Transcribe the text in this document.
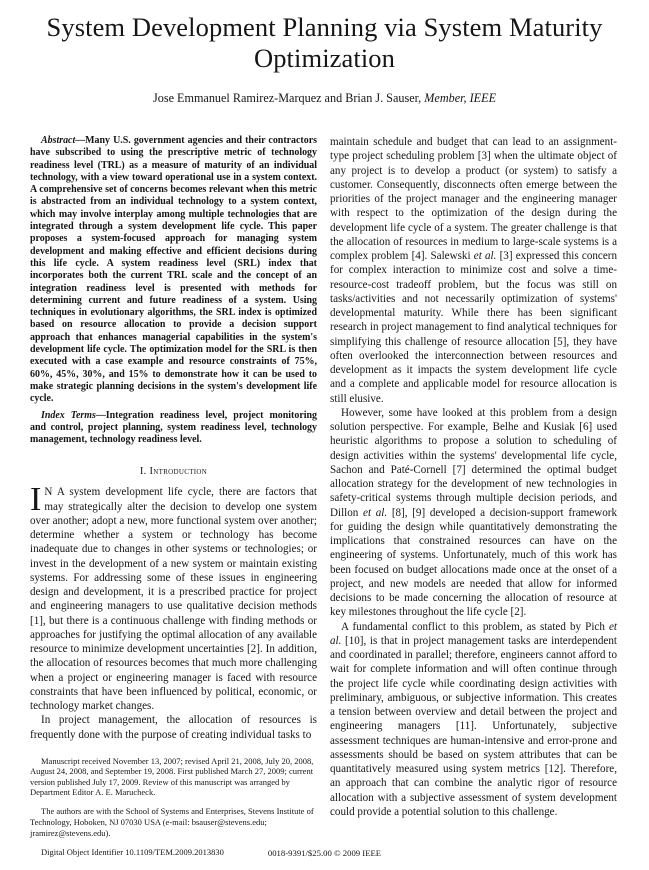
System Development Planning via System Maturity Optimization
Jose Emmanuel Ramirez-Marquez and Brian J. Sauser, Member, IEEE

Abstract—Many U.S. government agencies and their contractors have subscribed to using the prescriptive metric of technology readiness level (TRL) as a measure of maturity of an individual technology, with a view toward operational use in a system context. A comprehensive set of concerns becomes relevant when this metric is abstracted from an individual technology to a system context, which may involve interplay among multiple technologies that are integrated through a system development life cycle. This paper proposes a system-focused approach for managing system development and making effective and efficient decisions during this life cycle. A system readiness level (SRL) index that incorporates both the current TRL scale and the concept of an integration readiness level is presented with methods for determining current and future readiness of a system. Using techniques in evolutionary algorithms, the SRL index is optimized based on resource allocation to provide a decision support approach that enhances managerial capabilities in the system's development life cycle. The optimization model for the SRL is then executed with a case example and resource constraints of 75%, 60%, 45%, 30%, and 15% to demonstrate how it can be used to make strategic planning decisions in the system's development life cycle.

Index Terms—Integration readiness level, project monitoring and control, project planning, system readiness level, technology management, technology readiness level.

I. Introduction

IN A system development life cycle, there are factors that may strategically alter the decision to develop one system over another; adopt a new, more functional system over another; determine whether a system or technology has become inadequate due to changes in other systems or technologies; or invest in the development of a new system or maintain existing systems. For addressing some of these issues in engineering design and development, it is a prescribed practice for project and engineering managers to use qualitative decision methods [1], but there is a continuous challenge with finding methods or approaches for justifying the optimal allocation of any available resource to minimize development uncertainties [2]. In addition, the allocation of resources becomes that much more challenging when a project or engineering manager is faced with resource constraints that have been influenced by political, economic, or technology market changes.

In project management, the allocation of resources is frequently done with the purpose of creating individual tasks to

Manuscript received November 13, 2007; revised April 21, 2008, July 20, 2008, August 24, 2008, and September 19, 2008. First published March 27, 2009; current version published July 17, 2009. Review of this manuscript was arranged by Department Editor A. E. Marucheck.

The authors are with the School of Systems and Enterprises, Stevens Institute of Technology, Hoboken, NJ 07030 USA (e-mail: bsauser@stevens.edu; jramirez@stevens.edu).

Digital Object Identifier 10.1109/TEM.2009.2013830

maintain schedule and budget that can lead to an assignment-type project scheduling problem [3] when the ultimate object of any project is to develop a product (or system) to satisfy a customer. Consequently, disconnects often emerge between the priorities of the project manager and the engineering manager with respect to the optimization of the design during the development life cycle of a system. The greater challenge is that the allocation of resources in medium to large-scale systems is a complex problem [4]. Salewski et al. [3] expressed this concern for complex interaction to minimize cost and solve a time-resource-cost tradeoff problem, but the focus was still on tasks/activities and not necessarily optimization of systems' developmental maturity. While there has been significant research in project management to find analytical techniques for simplifying this challenge of resource allocation [5], they have often overlooked the interconnection between resources and development as it impacts the system development life cycle and a complete and applicable model for resource allocation is still elusive.

However, some have looked at this problem from a design solution perspective. For example, Belhe and Kusiak [6] used heuristic algorithms to propose a solution to scheduling of design activities within the systems' developmental life cycle, Sachon and Paté-Cornell [7] determined the optimal budget allocation strategy for the development of new technologies in safety-critical systems through multiple decision periods, and Dillon et al. [8], [9] developed a decision-support framework for guiding the design while quantitatively demonstrating the implications that constrained resources can have on the engineering of systems. Unfortunately, much of this work has been focused on budget allocations made once at the onset of a project, and new models are needed that allow for informed decisions to be made concerning the allocation of resource at key milestones throughout the life cycle [2].

A fundamental conflict to this problem, as stated by Pich et al. [10], is that in project management tasks are interdependent and coordinated in parallel; therefore, engineers cannot afford to wait for complete information and will often continue through the project life cycle while coordinating design activities with preliminary, ambiguous, or subjective information. This creates a tension between overview and detail between the project and engineering managers [11]. Unfortunately, subjective assessment techniques are human-intensive and error-prone and assessments should be based on system attributes that can be quantitatively measured using system metrics [12]. Therefore, an approach that can combine the analytic rigor of resource allocation with a subjective assessment of system development could provide a potential solution to this challenge.

0018-9391/$25.00 © 2009 IEEE
